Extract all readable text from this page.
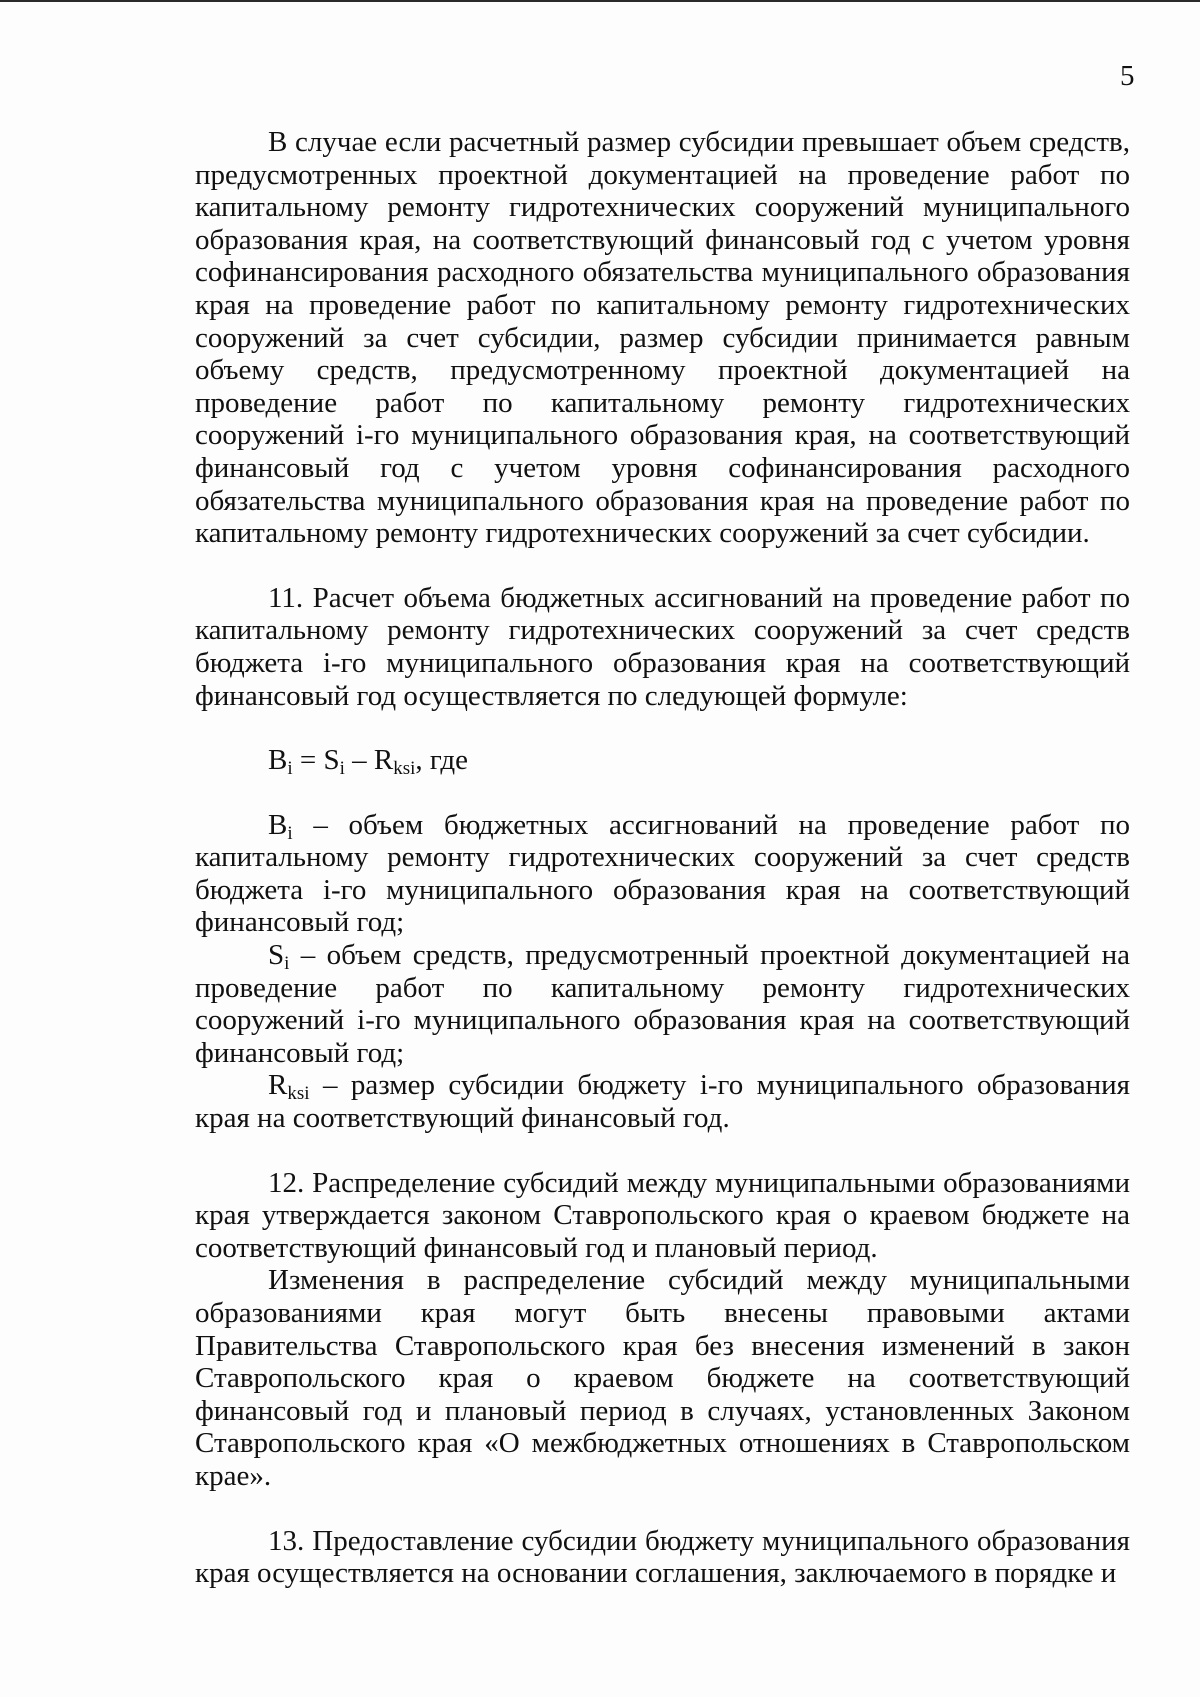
5

В случае если расчетный размер субсидии превышает объем средств, предусмотренных проектной документацией на проведение работ по капитальному ремонту гидротехнических сооружений муниципального образования края, на соответствующий финансовый год с учетом уровня софинансирования расходного обязательства муниципального образования края на проведение работ по капитальному ремонту гидротехнических сооружений за счет субсидии, размер субсидии принимается равным объему средств, предусмотренному проектной документацией на проведение работ по капитальному ремонту гидротехнических сооружений i-го муниципального образования края, на соответствующий финансовый год с учетом уровня софинансирования расходного обязательства муниципального образования края на проведение работ по капитальному ремонту гидротехнических сооружений за счет субсидии.

11. Расчет объема бюджетных ассигнований на проведение работ по капитальному ремонту гидротехнических сооружений за счет средств бюджета i-го муниципального образования края на соответствующий финансовый год осуществляется по следующей формуле:

$B_i = S_i - R_{ksi}$, где

$B_i$ – объем бюджетных ассигнований на проведение работ по капитальному ремонту гидротехнических сооружений за счет средств бюджета i-го муниципального образования края на соответствующий финансовый год;

$S_i$ – объем средств, предусмотренный проектной документацией на проведение работ по капитальному ремонту гидротехнических сооружений i-го муниципального образования края на соответствующий финансовый год;

$R_{ksi}$ – размер субсидии бюджету i-го муниципального образования края на соответствующий финансовый год.

12. Распределение субсидий между муниципальными образованиями края утверждается законом Ставропольского края о краевом бюджете на соответствующий финансовый год и плановый период.

Изменения в распределение субсидий между муниципальными образованиями края могут быть внесены правовыми актами Правительства Ставропольского края без внесения изменений в закон Ставропольского края о краевом бюджете на соответствующий финансовый год и плановый период в случаях, установленных Законом Ставропольского края «О межбюджетных отношениях в Ставропольском крае».

13. Предоставление субсидии бюджету муниципального образования края осуществляется на основании соглашения, заключаемого в порядке и
